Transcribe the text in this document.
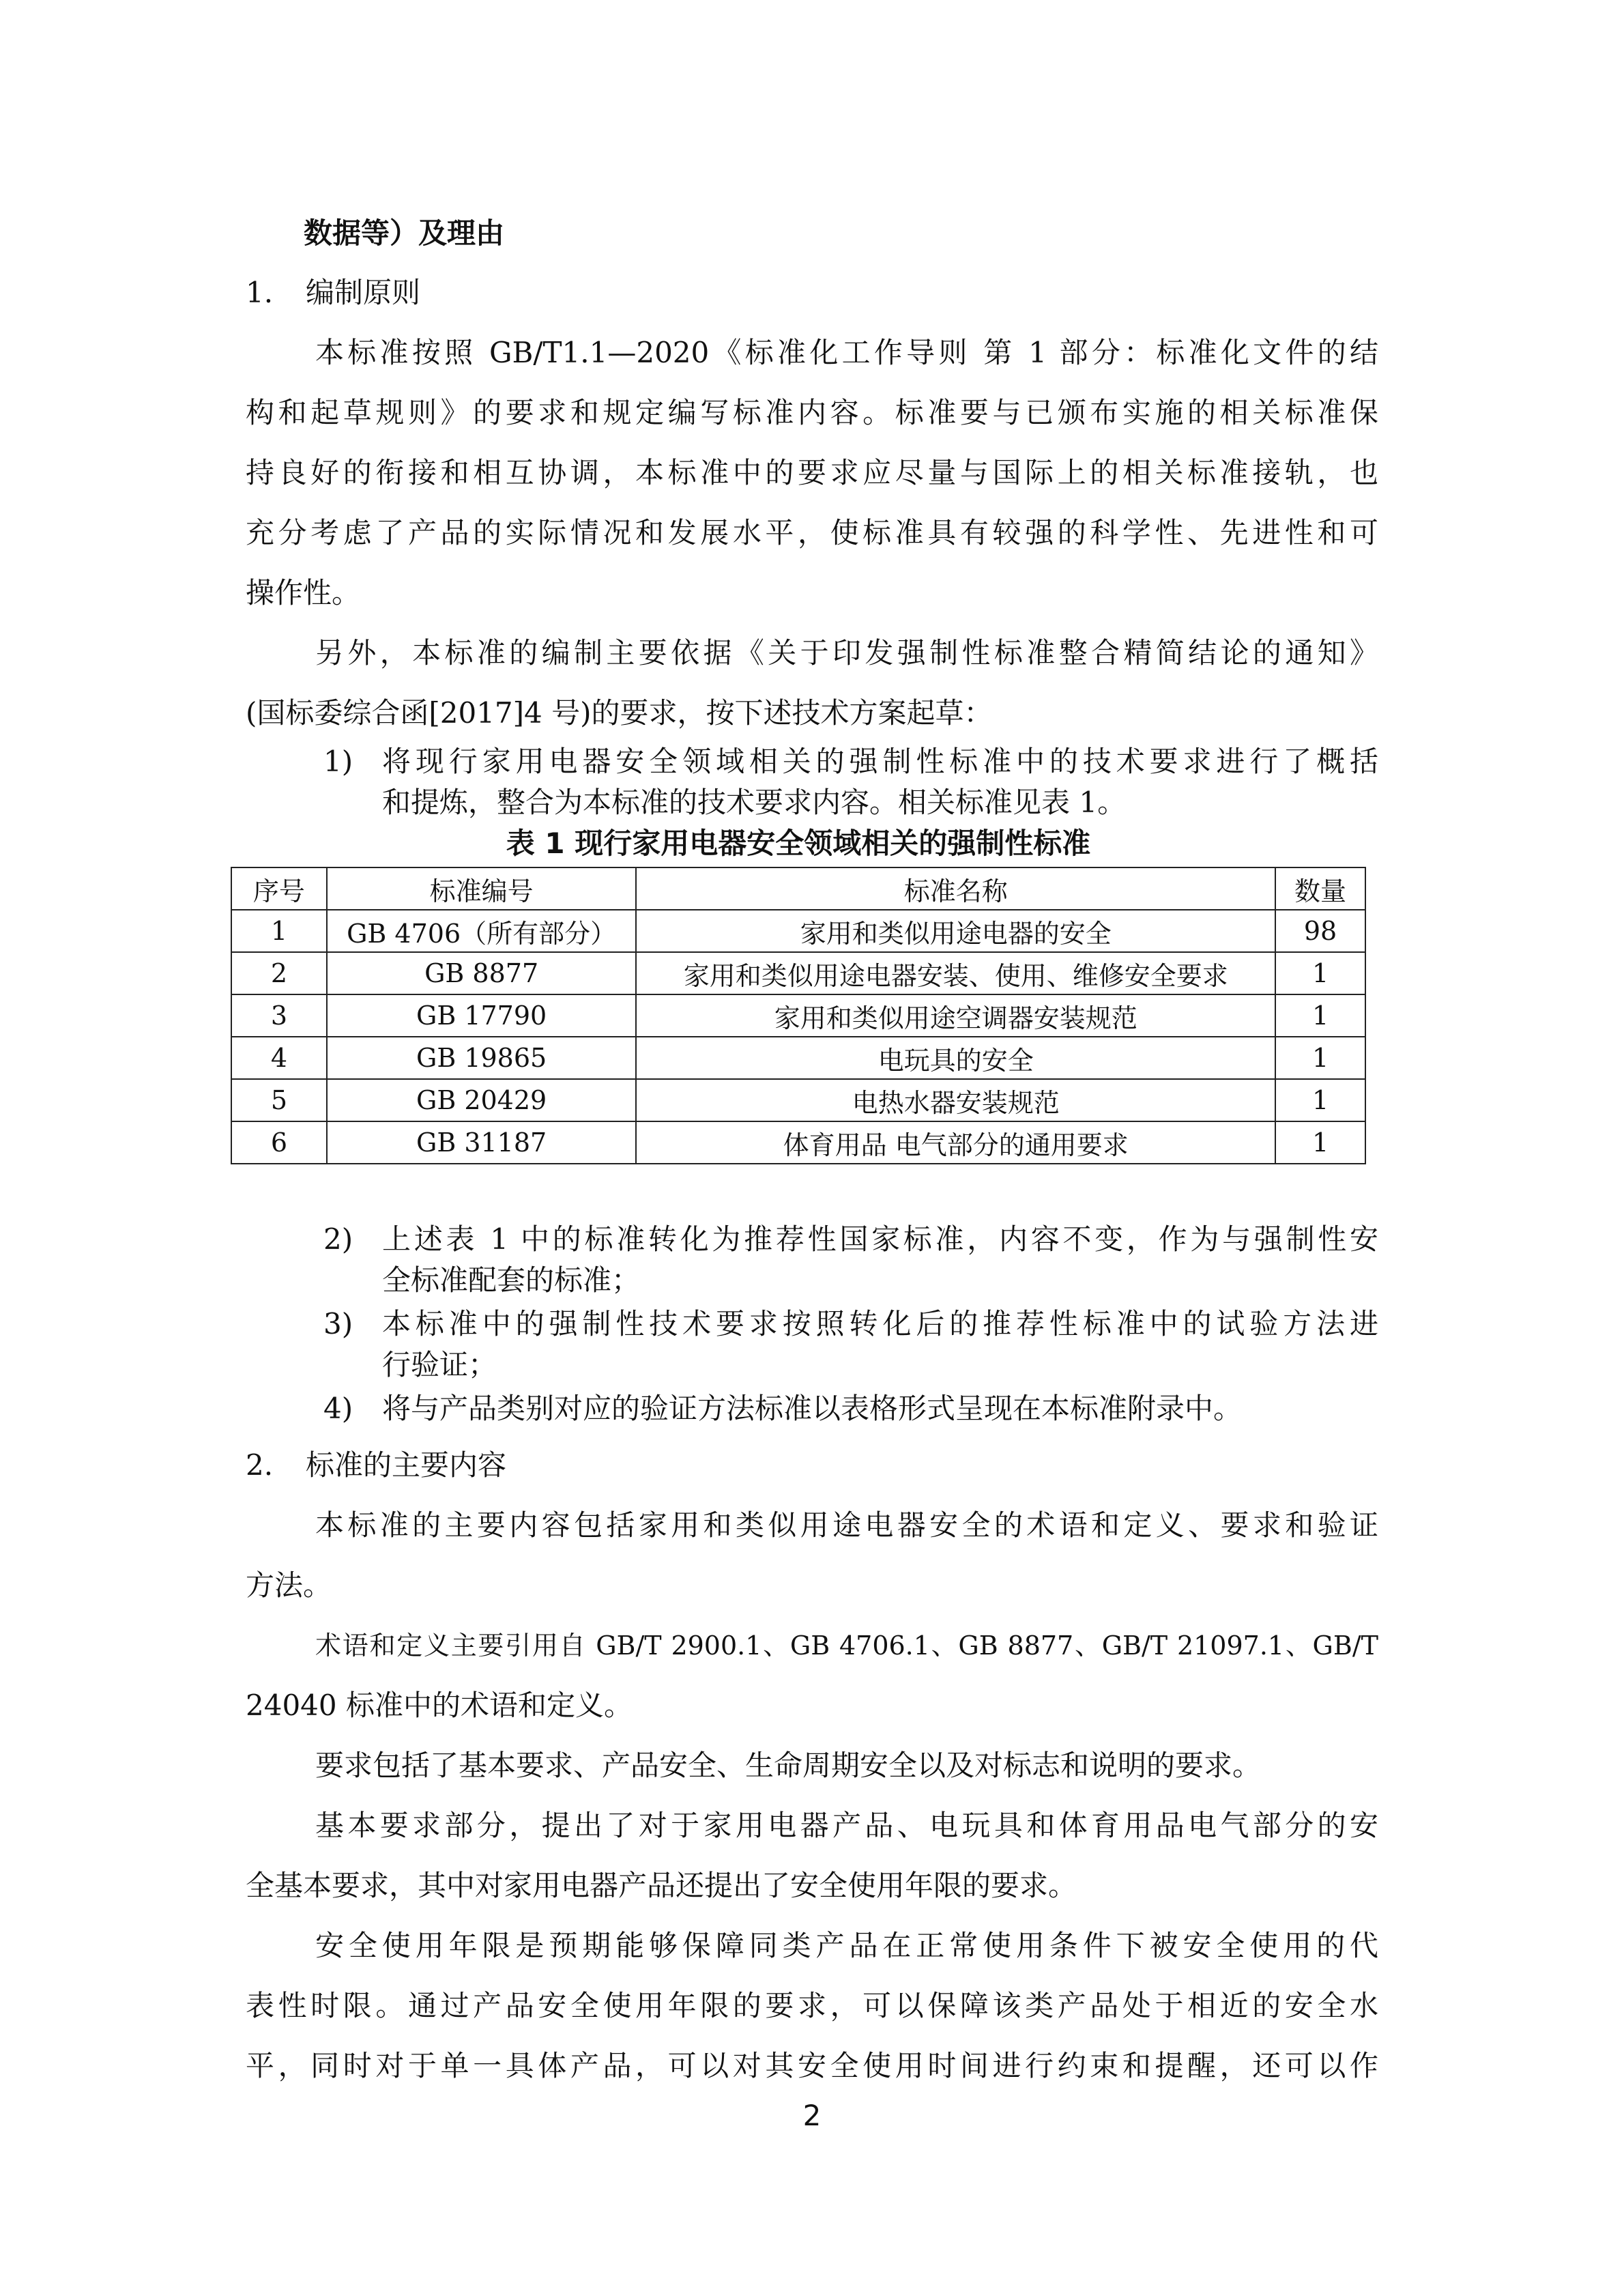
数据等）及理由
1. 编制原则
本标准按照 GB/T1.1—2020《标准化工作导则 第 1 部分：标准化文件的结
构和起草规则》的要求和规定编写标准内容。标准要与已颁布实施的相关标准保
持良好的衔接和相互协调，本标准中的要求应尽量与国际上的相关标准接轨，也
充分考虑了产品的实际情况和发展水平，使标准具有较强的科学性、先进性和可
操作性。
另外，本标准的编制主要依据《关于印发强制性标准整合精简结论的通知》
(国标委综合函[2017]4 号)的要求，按下述技术方案起草：
1)	将现行家用电器安全领域相关的强制性标准中的技术要求进行了概括
和提炼，整合为本标准的技术要求内容。相关标准见表 1。
表 1 现行家用电器安全领域相关的强制性标准
序号	标准编号	标准名称	数量
1	GB 4706（所有部分）	家用和类似用途电器的安全	98
2	GB 8877	家用和类似用途电器安装、使用、维修安全要求	1
3	GB 17790	家用和类似用途空调器安装规范	1
4	GB 19865	电玩具的安全	1
5	GB 20429	电热水器安装规范	1
6	GB 31187	体育用品 电气部分的通用要求	1
2)	上述表 1 中的标准转化为推荐性国家标准，内容不变，作为与强制性安
全标准配套的标准；
3)	本标准中的强制性技术要求按照转化后的推荐性标准中的试验方法进
行验证；
4)	将与产品类别对应的验证方法标准以表格形式呈现在本标准附录中。
2. 标准的主要内容
本标准的主要内容包括家用和类似用途电器安全的术语和定义、要求和验证
方法。
术语和定义主要引用自 GB/T 2900.1、GB 4706.1、GB 8877、GB/T 21097.1、GB/T
24040 标准中的术语和定义。
要求包括了基本要求、产品安全、生命周期安全以及对标志和说明的要求。
基本要求部分，提出了对于家用电器产品、电玩具和体育用品电气部分的安
全基本要求，其中对家用电器产品还提出了安全使用年限的要求。
安全使用年限是预期能够保障同类产品在正常使用条件下被安全使用的代
表性时限。通过产品安全使用年限的要求，可以保障该类产品处于相近的安全水
平，同时对于单一具体产品，可以对其安全使用时间进行约束和提醒，还可以作
2
